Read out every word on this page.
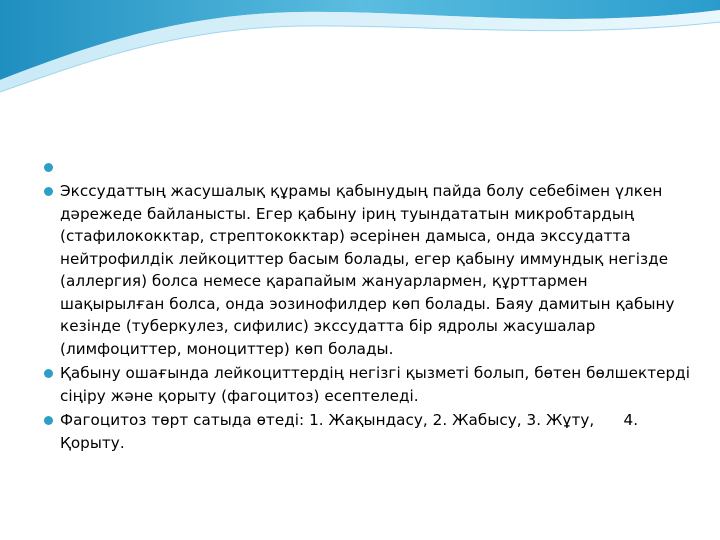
Экссудаттың жасушалық құрамы қабынудың пайда болу себебімен үлкен  дәрежеде байланысты. Егер қабыну іриң туындататын микробтардың (стафилококктар, стрептококктар) әсерінен дамыса, онда экссудатта нейтрофилдік лейкоциттер басым болады, егер қабыну иммундық негізде (аллергия) болса немесе қарапайым жануарлармен, құрттармен шақырылған болса, онда эозинофилдер көп болады. Баяу дамитын қабыну кезінде (туберкулез, сифилис) экссудатта бір ядролы жасушалар (лимфоциттер, моноциттер) көп болады.
Қабыну ошағында лейкоциттердің негізгі қызметі болып, бөтен бөлшектерді сіңіру және қорыту (фагоцитоз) есептеледі.
Фагоцитоз төрт сатыда өтеді: 1. Жақындасу, 2. Жабысу, 3. Жұту,      4. Қорыту.
